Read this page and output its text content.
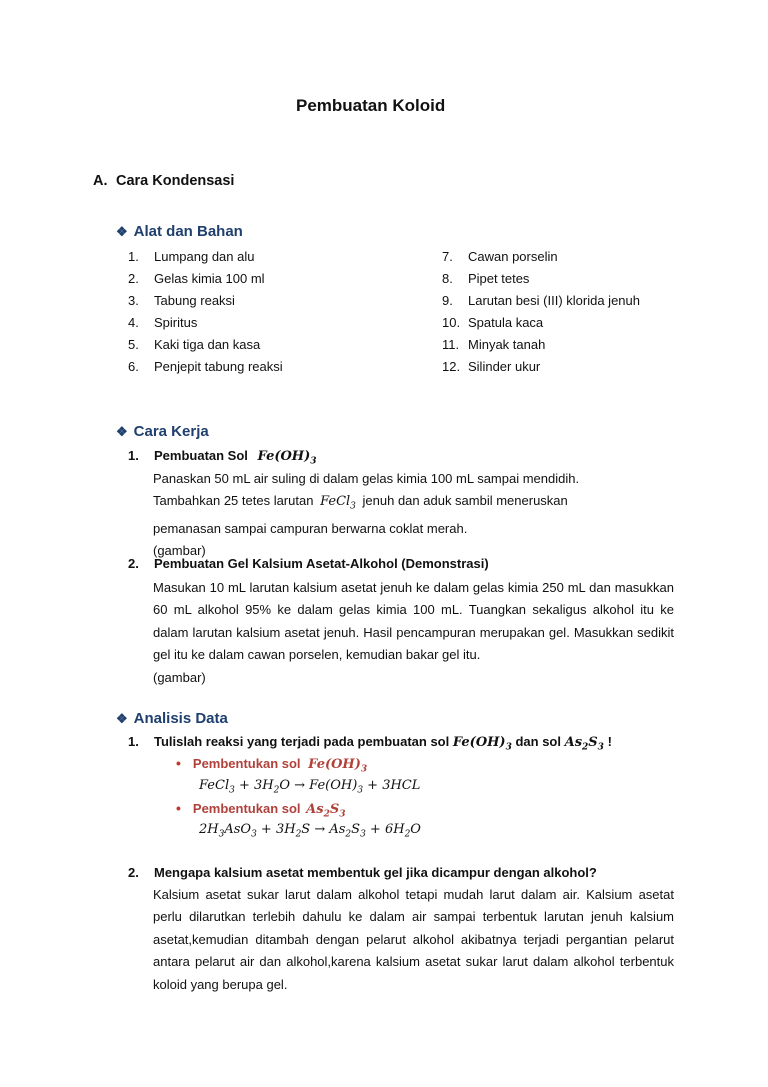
Pembuatan Koloid
A. Cara Kondensasi
❖ Alat dan Bahan
1. Lumpang dan alu
2. Gelas kimia 100 ml
3. Tabung reaksi
4. Spiritus
5. Kaki tiga dan kasa
6. Penjepit tabung reaksi
7. Cawan porselin
8. Pipet tetes
9. Larutan besi (III) klorida jenuh
10. Spatula kaca
11. Minyak tanah
12. Silinder ukur
❖ Cara Kerja
1. Pembuatan Sol $Fe(OH)_3$
Panaskan 50 mL air suling di dalam gelas kimia 100 mL sampai mendidih.
Tambahkan 25 tetes larutan FeCl$_3$ jenuh dan aduk sambil meneruskan
pemanasan sampai campuran berwarna coklat merah.
(gambar)
2. Pembuatan Gel Kalsium Asetat-Alkohol (Demonstrasi)

Masukan 10 mL larutan kalsium asetat jenuh ke dalam gelas kimia 250 mL dan masukkan 60 mL alkohol 95% ke dalam gelas kimia 100 mL. Tuangkan sekaligus alkohol itu ke dalam larutan kalsium asetat jenuh. Hasil pencampuran merupakan gel. Masukkan sedikit gel itu ke dalam cawan porselen, kemudian bakar gel itu.

(gambar)

❖ Analisis Data
1. Tulislah reaksi yang terjadi pada pembuatan sol $Fe(OH)_3$ dan sol $As_2S_3$ !
• Pembentukan sol $Fe(OH)_3$
FeCl$_3$ + $3H_2O \to Fe(OH)_3 + 3HCL$
• Pembentukan sol $As_2S_3$
$2H_3AsO_3 + 3H_2S \to As_2S_3 + 6H_2O$
2. Mengapa kalsium asetat membentuk gel jika dicampur dengan alkohol?

Kalsium asetat sukar larut dalam alkohol tetapi mudah larut dalam air. Kalsium asetat perlu dilarutkan terlebih dahulu ke dalam air sampai terbentuk larutan jenuh kalsium asetat,kemudian ditambah dengan pelarut alkohol akibatnya terjadi pergantian pelarut antara pelarut air dan alkohol,karena kalsium asetat sukar larut dalam alkohol terbentuk koloid yang berupa gel.
